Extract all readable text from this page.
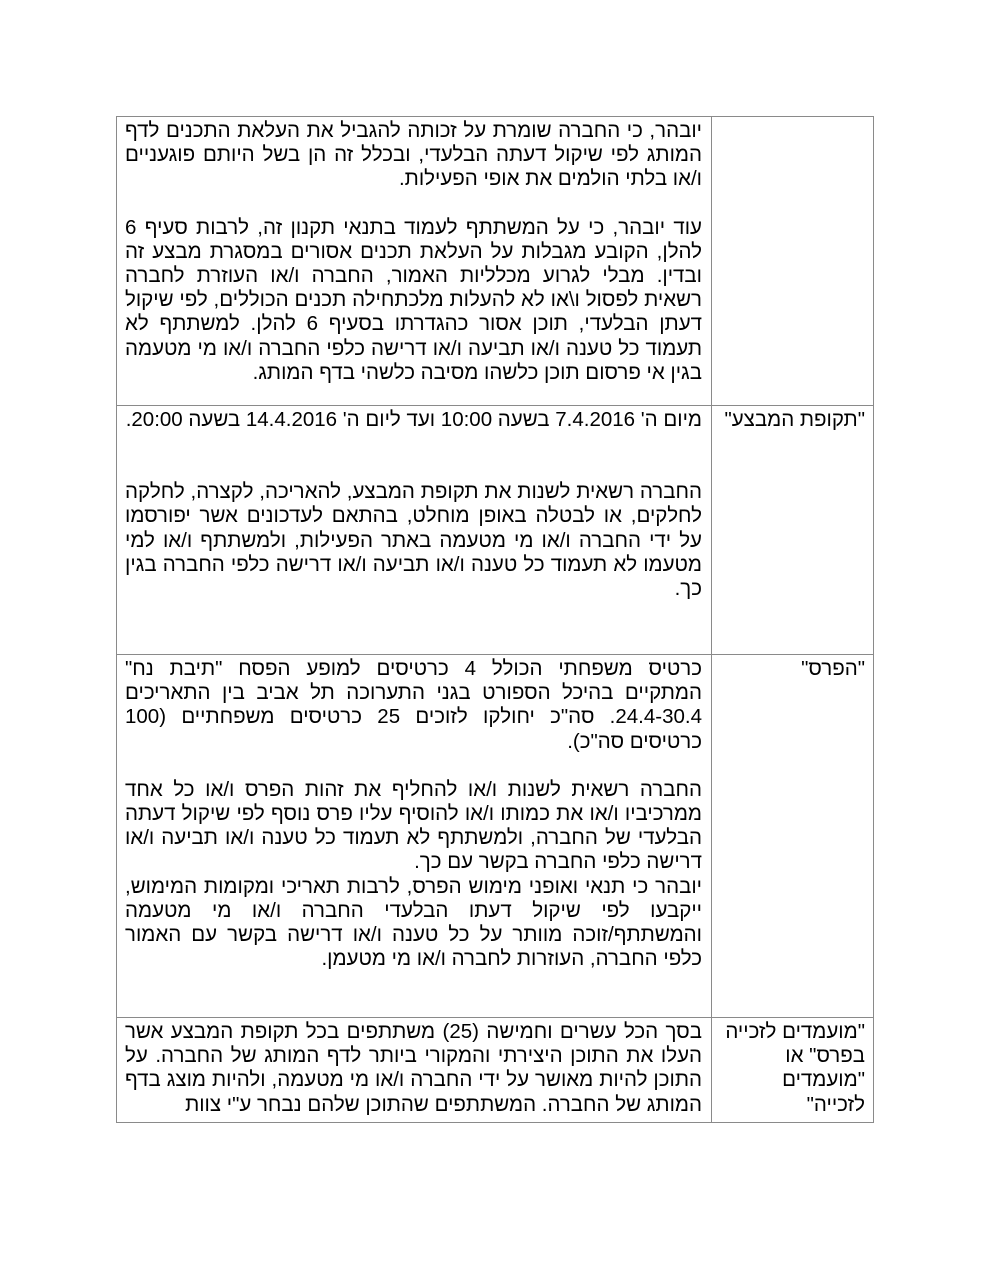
	יובהר, כי החברה שומרת על זכותה להגביל את העלאת התכנים לדף המותג לפי שיקול דעתה הבלעדי, ובכלל זה הן בשל היותם פוגעניים ו/או בלתי הולמים את אופי הפעילות.

עוד יובהר, כי על המשתתף לעמוד בתנאי תקנון זה, לרבות סעיף 6 להלן, הקובע מגבלות על העלאת תכנים אסורים במסגרת מבצע זה ובדין. מבלי לגרוע מכלליות האמור, החברה ו/או העוזרת לחברה רשאית לפסול ו\או לא להעלות מלכתחילה תכנים הכוללים, לפי שיקול דעתן הבלעדי, תוכן אסור כהגדרתו בסעיף 6 להלן. למשתתף לא תעמוד כל טענה ו/או תביעה ו/או דרישה כלפי החברה ו/או מי מטעמה בגין אי פרסום תוכן כלשהו מסיבה כלשהי בדף המותג.

"תקופת המבצע"	מיום ה' 7.4.2016 בשעה 10:00 ועד ליום ה' 14.4.2016 בשעה 20:00.

החברה רשאית לשנות את תקופת המבצע, להאריכה, לקצרה, לחלקה לחלקים, או לבטלה באופן מוחלט, בהתאם לעדכונים אשר יפורסמו על ידי החברה ו/או מי מטעמה באתר הפעילות, ולמשתתף ו/או למי מטעמו לא תעמוד כל טענה ו/או תביעה ו/או דרישה כלפי החברה בגין כך.

"הפרס"	כרטיס משפחתי הכולל 4 כרטיסים למופע הפסח "תיבת נח" המתקיים בהיכל הספורט בגני התערוכה תל אביב בין התאריכים 24.4-30.4. סה"כ יחולקו לזוכים 25 כרטיסים משפחתיים (100 כרטיסים סה"כ).

החברה רשאית לשנות ו/או להחליף את זהות הפרס ו/או כל אחד ממרכיביו ו/או את כמותו ו/או להוסיף עליו פרס נוסף לפי שיקול דעתה הבלעדי של החברה, ולמשתתף לא תעמוד כל טענה ו/או תביעה ו/או דרישה כלפי החברה בקשר עם כך.

יובהר כי תנאי ואופני מימוש הפרס, לרבות תאריכי ומקומות המימוש, ייקבעו לפי שיקול דעתו הבלעדי החברה ו/או מי מטעמה והמשתתף/זוכה מוותר על כל טענה ו/או דרישה בקשר עם האמור כלפי החברה, העוזרות לחברה ו/או מי מטעמן.

"מועמדים לזכייה בפרס" או "מועמדים לזכייה"	בסך הכל עשרים וחמישה (25) משתתפים בכל תקופת המבצע אשר העלו את התוכן היצירתי והמקורי ביותר לדף המותג של החברה. על התוכן להיות מאושר על ידי החברה ו/או מי מטעמה, ולהיות מוצג בדף המותג של החברה. המשתתפים שהתוכן שלהם נבחר ע"י צוות
